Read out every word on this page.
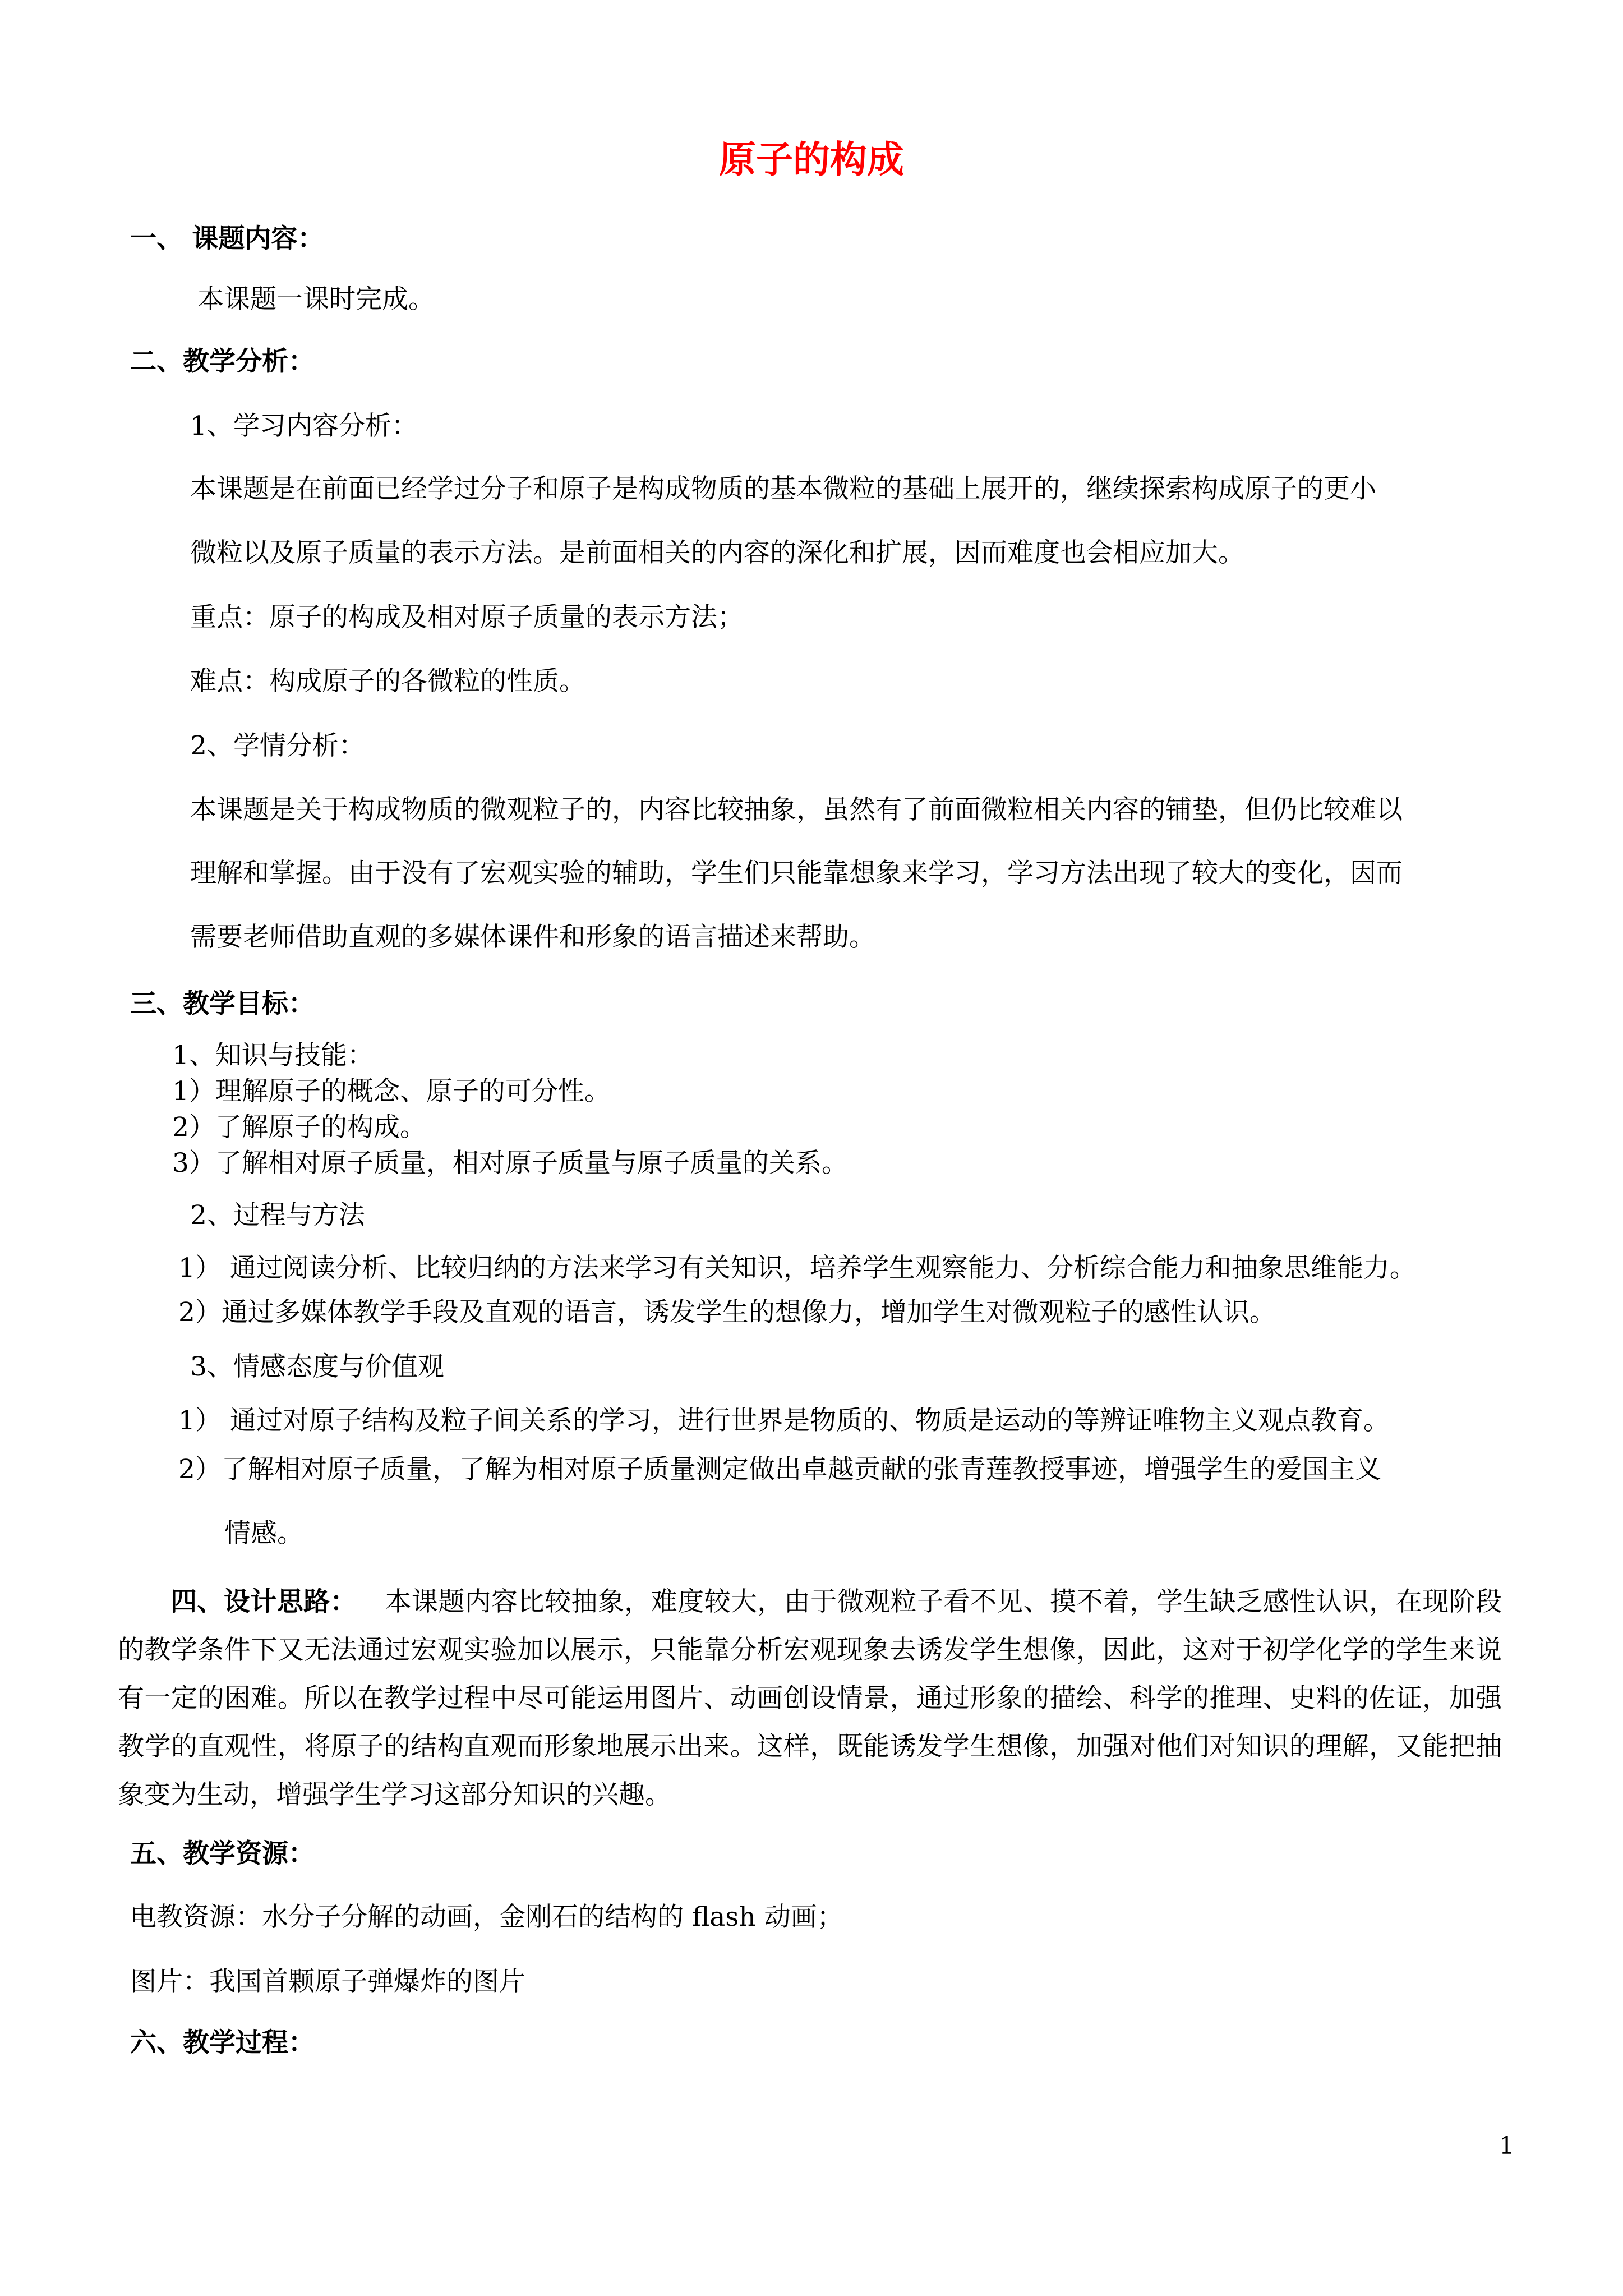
原子的构成
一、 课题内容：
本课题一课时完成。
二、教学分析：
1、学习内容分析：
本课题是在前面已经学过分子和原子是构成物质的基本微粒的基础上展开的，继续探索构成原子的更小
微粒以及原子质量的表示方法。是前面相关的内容的深化和扩展，因而难度也会相应加大。
重点：原子的构成及相对原子质量的表示方法；
难点：构成原子的各微粒的性质。
2、学情分析：
本课题是关于构成物质的微观粒子的，内容比较抽象，虽然有了前面微粒相关内容的铺垫，但仍比较难以
理解和掌握。由于没有了宏观实验的辅助，学生们只能靠想象来学习，学习方法出现了较大的变化，因而
需要老师借助直观的多媒体课件和形象的语言描述来帮助。
三、教学目标：
1、知识与技能：
1）理解原子的概念、原子的可分性。
2）了解原子的构成。
3）了解相对原子质量，相对原子质量与原子质量的关系。
2、过程与方法
1） 通过阅读分析、比较归纳的方法来学习有关知识，培养学生观察能力、分析综合能力和抽象思维能力。
2）通过多媒体教学手段及直观的语言，诱发学生的想像力，增加学生对微观粒子的感性认识。
3、情感态度与价值观
1） 通过对原子结构及粒子间关系的学习，进行世界是物质的、物质是运动的等辨证唯物主义观点教育。
2）了解相对原子质量，了解为相对原子质量测定做出卓越贡献的张青莲教授事迹，增强学生的爱国主义
情感。
四、设计思路： 本课题内容比较抽象，难度较大，由于微观粒子看不见、摸不着，学生缺乏感性认识，在现阶段的教学条件下又无法通过宏观实验加以展示，只能靠分析宏观现象去诱发学生想像，因此，这对于初学化学的学生来说有一定的困难。所以在教学过程中尽可能运用图片、动画创设情景，通过形象的描绘、科学的推理、史料的佐证，加强教学的直观性，将原子的结构直观而形象地展示出来。这样，既能诱发学生想像，加强对他们对知识的理解，又能把抽象变为生动，增强学生学习这部分知识的兴趣。
五、教学资源：
电教资源：水分子分解的动画，金刚石的结构的 flash 动画；
图片：我国首颗原子弹爆炸的图片
六、教学过程：
1
